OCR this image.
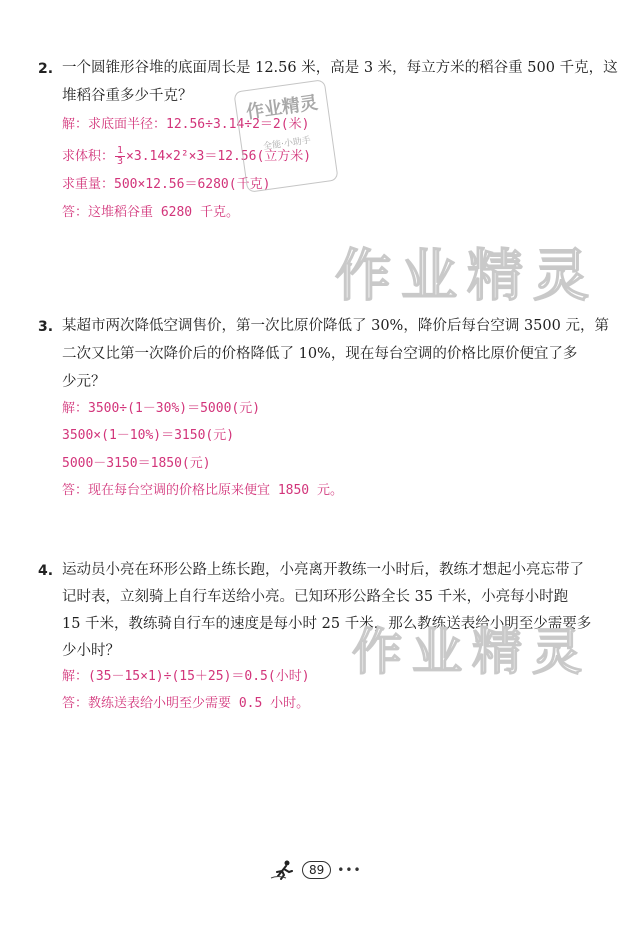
2. 一个圆锥形谷堆的底面周长是 12.56 米，高是 3 米，每立方米的稻谷重 500 千克，这
堆稻谷重多少千克？
解：求底面半径：12.56÷3.14÷2＝2(米)
求体积： $\frac{1}{3} \times 3.14\times 2^2\times 3=12.56$(立方米)
求重量：500×12.56＝6280(千克)
答：这堆稻谷重 6280 千克。
3. 某超市两次降低空调售价，第一次比原价降低了 30%，降价后每台空调 3500 元，第
二次又比第一次降价后的价格降低了 10%，现在每台空调的价格比原价便宜了多
少元？
解：3500÷(1－30%)＝5000(元)
3500×(1－10%)＝3150(元)
5000－3150＝1850(元)
答：现在每台空调的价格比原来便宜 1850 元。
4. 运动员小亮在环形公路上练长跑，小亮离开教练一小时后，教练才想起小亮忘带了
记时表，立刻骑上自行车送给小亮。已知环形公路全长 35 千米，小亮每小时跑
15 千米，教练骑自行车的速度是每小时 25 千米，那么教练送表给小明至少需要多
少小时？
解：(35－15×1)÷(15＋25)＝0.5(小时)
答：教练送表给小明至少需要 0.5 小时。
作业精灵
作业精灵
作业精灵
全能·小助手
89	•••
